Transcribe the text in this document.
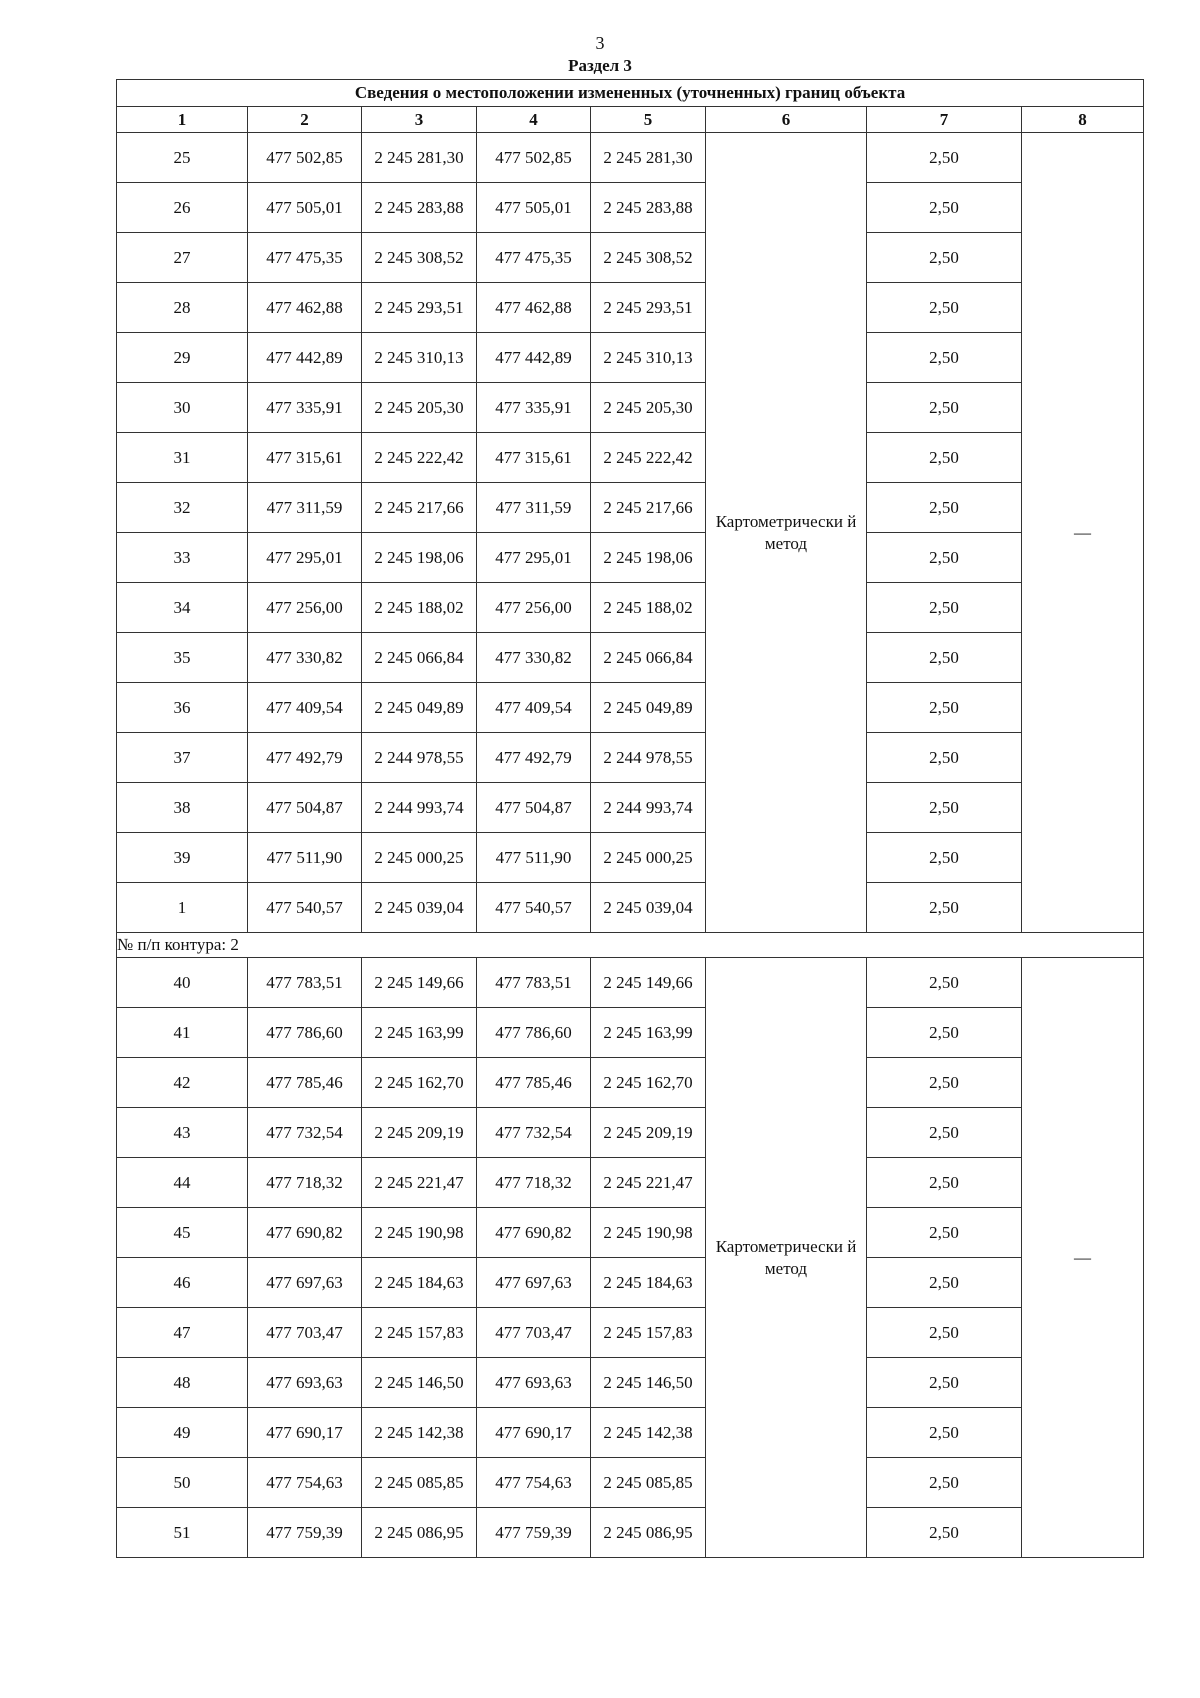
3
Раздел 3
Сведения о местоположении измененных (уточненных) границ объекта							
1	2	3	4	5	6	7	8
25	477 502,85	2 245 281,30	477 502,85	2 245 281,30	Картометрически й метод	2,50	—
26	477 505,01	2 245 283,88	477 505,01	2 245 283,88		2,50	
27	477 475,35	2 245 308,52	477 475,35	2 245 308,52		2,50	
28	477 462,88	2 245 293,51	477 462,88	2 245 293,51		2,50	
29	477 442,89	2 245 310,13	477 442,89	2 245 310,13		2,50	
30	477 335,91	2 245 205,30	477 335,91	2 245 205,30		2,50	
31	477 315,61	2 245 222,42	477 315,61	2 245 222,42		2,50	
32	477 311,59	2 245 217,66	477 311,59	2 245 217,66		2,50	
33	477 295,01	2 245 198,06	477 295,01	2 245 198,06		2,50	
34	477 256,00	2 245 188,02	477 256,00	2 245 188,02		2,50	
35	477 330,82	2 245 066,84	477 330,82	2 245 066,84		2,50	
36	477 409,54	2 245 049,89	477 409,54	2 245 049,89		2,50	
37	477 492,79	2 244 978,55	477 492,79	2 244 978,55		2,50	
38	477 504,87	2 244 993,74	477 504,87	2 244 993,74		2,50	
39	477 511,90	2 245 000,25	477 511,90	2 245 000,25		2,50	
1	477 540,57	2 245 039,04	477 540,57	2 245 039,04		2,50	
№ п/п контура: 2							
40	477 783,51	2 245 149,66	477 783,51	2 245 149,66	Картометрически й метод	2,50	—
41	477 786,60	2 245 163,99	477 786,60	2 245 163,99		2,50	
42	477 785,46	2 245 162,70	477 785,46	2 245 162,70		2,50	
43	477 732,54	2 245 209,19	477 732,54	2 245 209,19		2,50	
44	477 718,32	2 245 221,47	477 718,32	2 245 221,47		2,50	
45	477 690,82	2 245 190,98	477 690,82	2 245 190,98		2,50	
46	477 697,63	2 245 184,63	477 697,63	2 245 184,63		2,50	
47	477 703,47	2 245 157,83	477 703,47	2 245 157,83		2,50	
48	477 693,63	2 245 146,50	477 693,63	2 245 146,50		2,50	
49	477 690,17	2 245 142,38	477 690,17	2 245 142,38		2,50	
50	477 754,63	2 245 085,85	477 754,63	2 245 085,85		2,50	
51	477 759,39	2 245 086,95	477 759,39	2 245 086,95		2,50	
